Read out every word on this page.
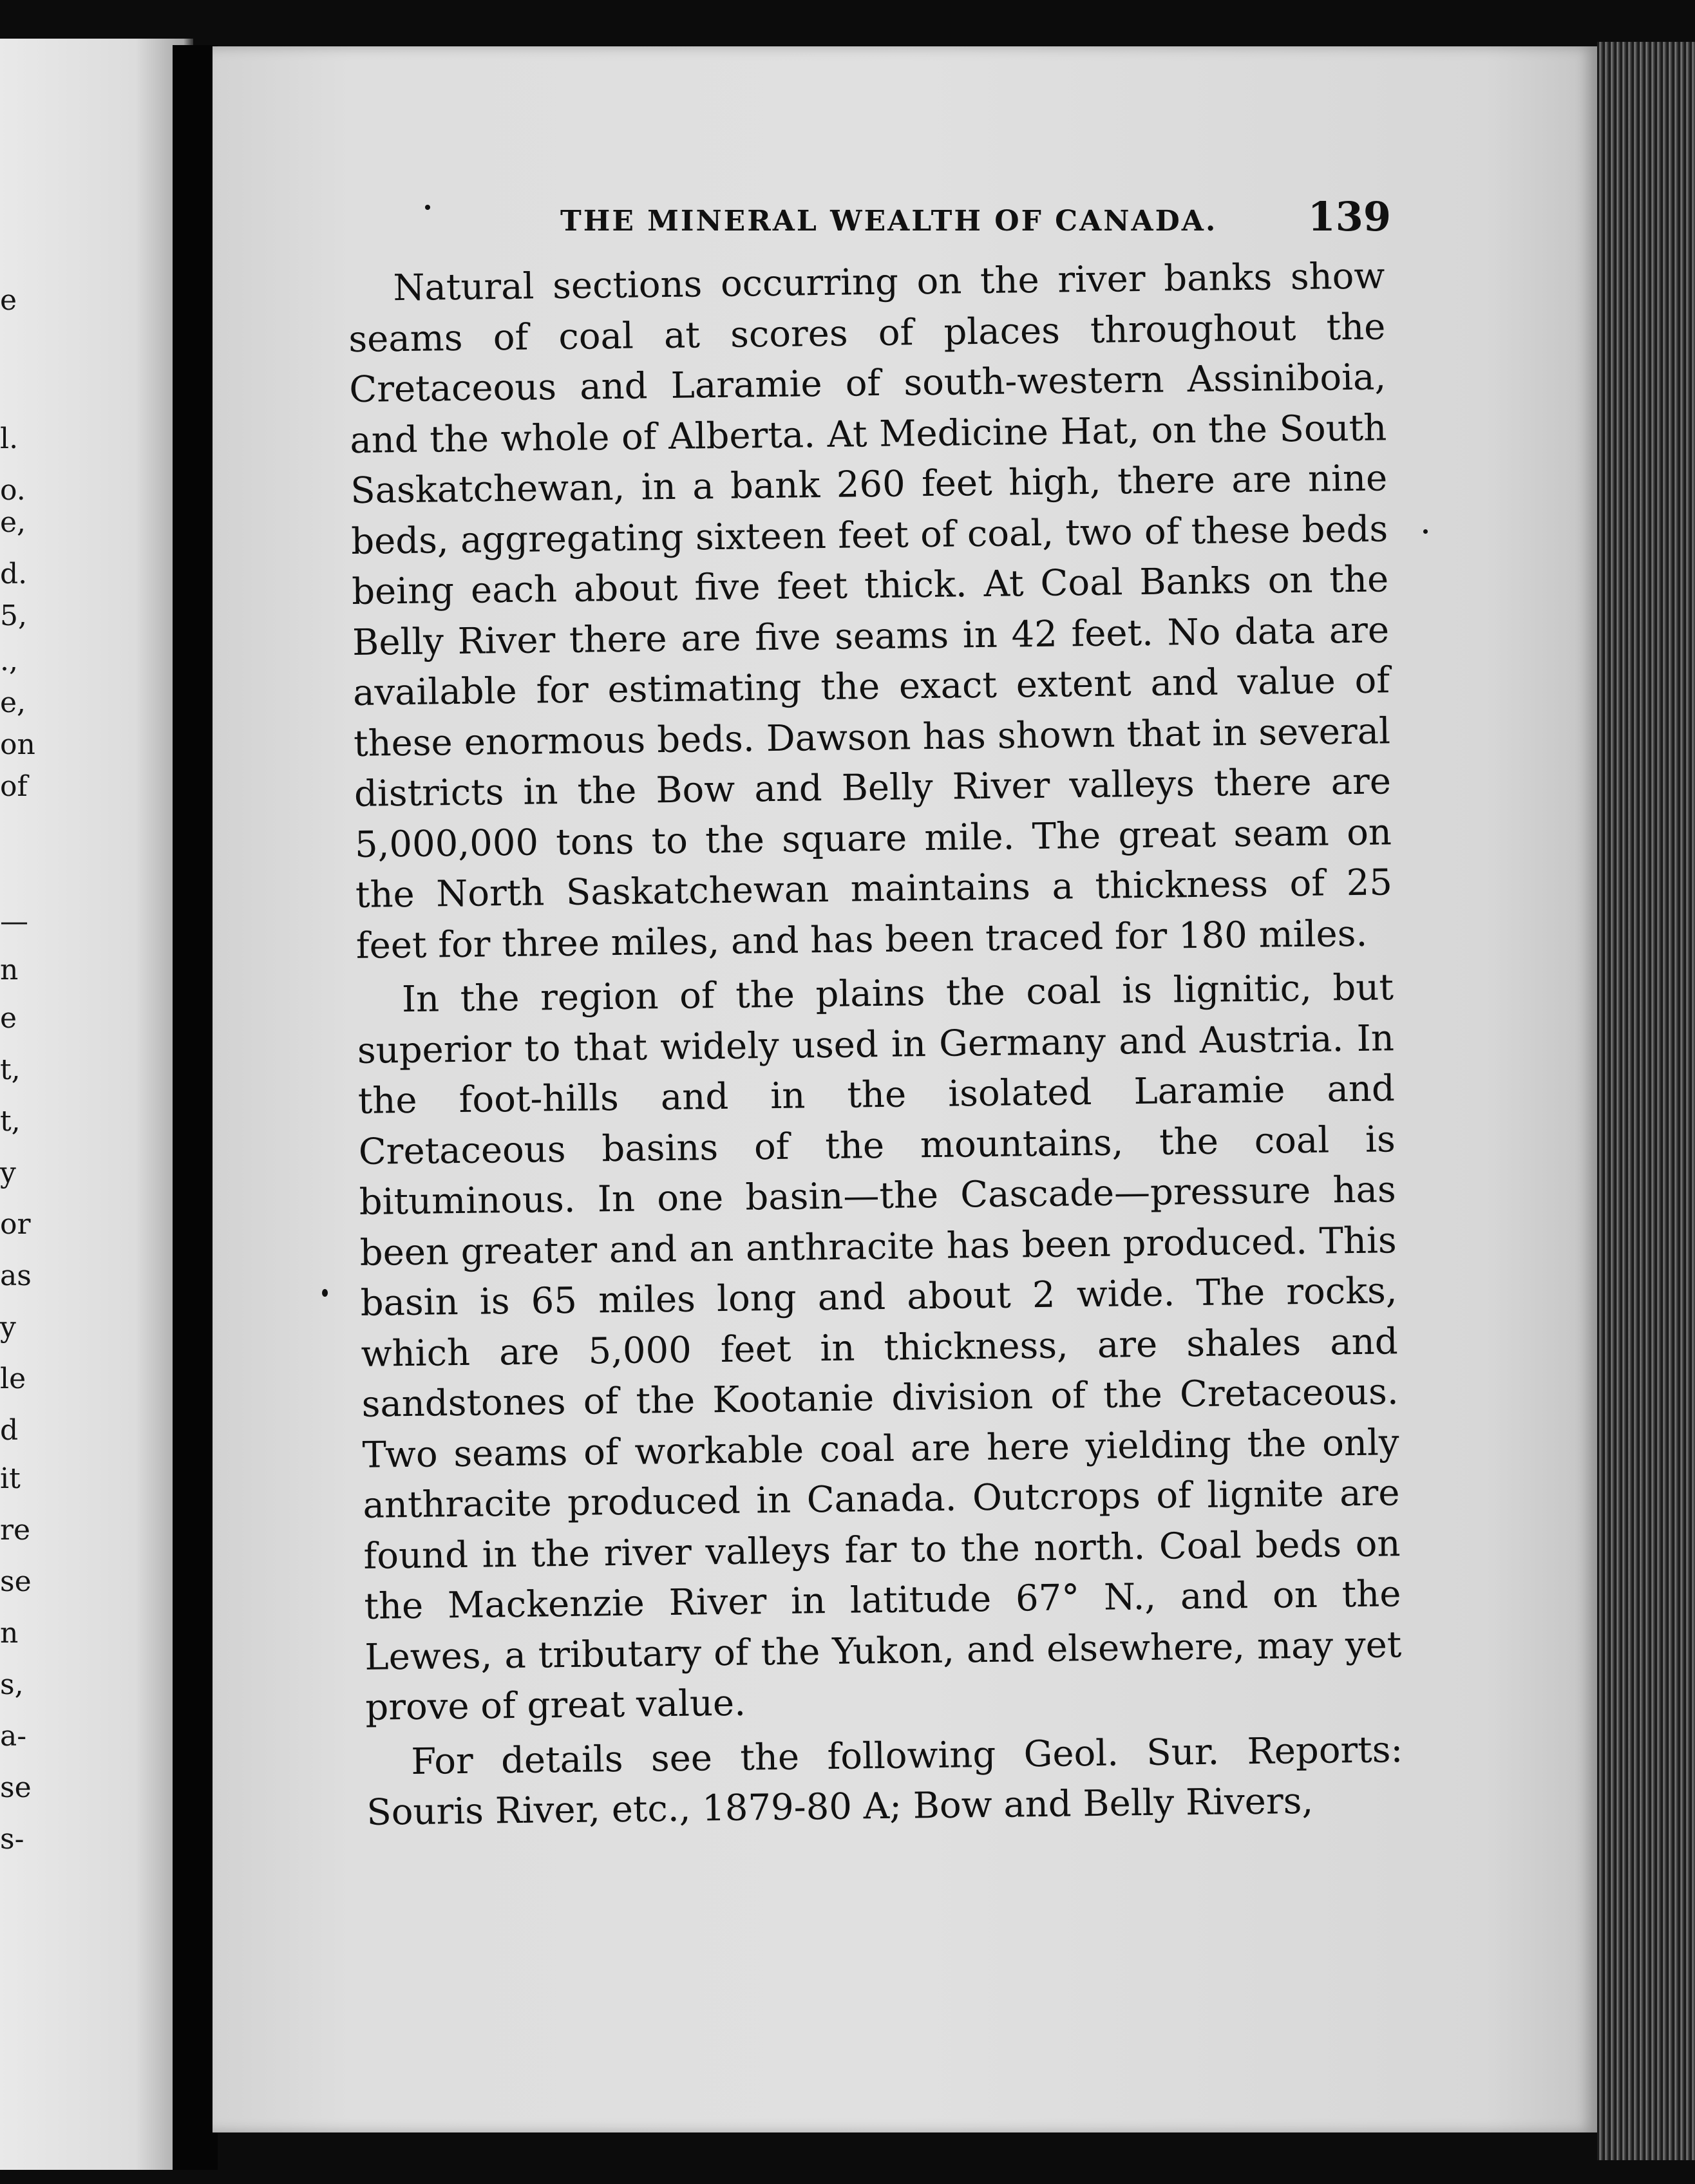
e

l.

o.

e,

d.

5,

.,

e,

on

of

—

n

e

t,

t,

y

or

as

y

le

d

it

re

se

n

s,

a-

se

s-

THE MINERAL WEALTH OF CANADA. 139

Natural sections occurring on the river banks show seams of coal at scores of places throughout the Cretaceous and Laramie of south-western Assiniboia, and the whole of Alberta. At Medicine Hat, on the South Saskatchewan, in a bank 260 feet high, there are nine beds, aggregating sixteen feet of coal, two of these beds being each about five feet thick. At Coal Banks on the Belly River there are five seams in 42 feet. No data are available for estimating the exact extent and value of these enormous beds. Dawson has shown that in several districts in the Bow and Belly River valleys there are 5,000,000 tons to the square mile. The great seam on the North Saskatchewan maintains a thickness of 25 feet for three miles, and has been traced for 180 miles.

In the region of the plains the coal is lignitic, but superior to that widely used in Germany and Austria. In the foot-hills and in the isolated Laramie and Cretaceous basins of the mountains, the coal is bituminous. In one basin—the Cascade—pressure has been greater and an anthracite has been produced. This basin is 65 miles long and about 2 wide. The rocks, which are 5,000 feet in thickness, are shales and sandstones of the Kootanie division of the Cretaceous. Two seams of workable coal are here yielding the only anthracite produced in Canada. Outcrops of lignite are found in the river valleys far to the north. Coal beds on the Mackenzie River in latitude 67° N., and on the Lewes, a tributary of the Yukon, and elsewhere, may yet prove of great value.

For details see the following Geol. Sur. Reports: Souris River, etc., 1879-80 A; Bow and Belly Rivers,
